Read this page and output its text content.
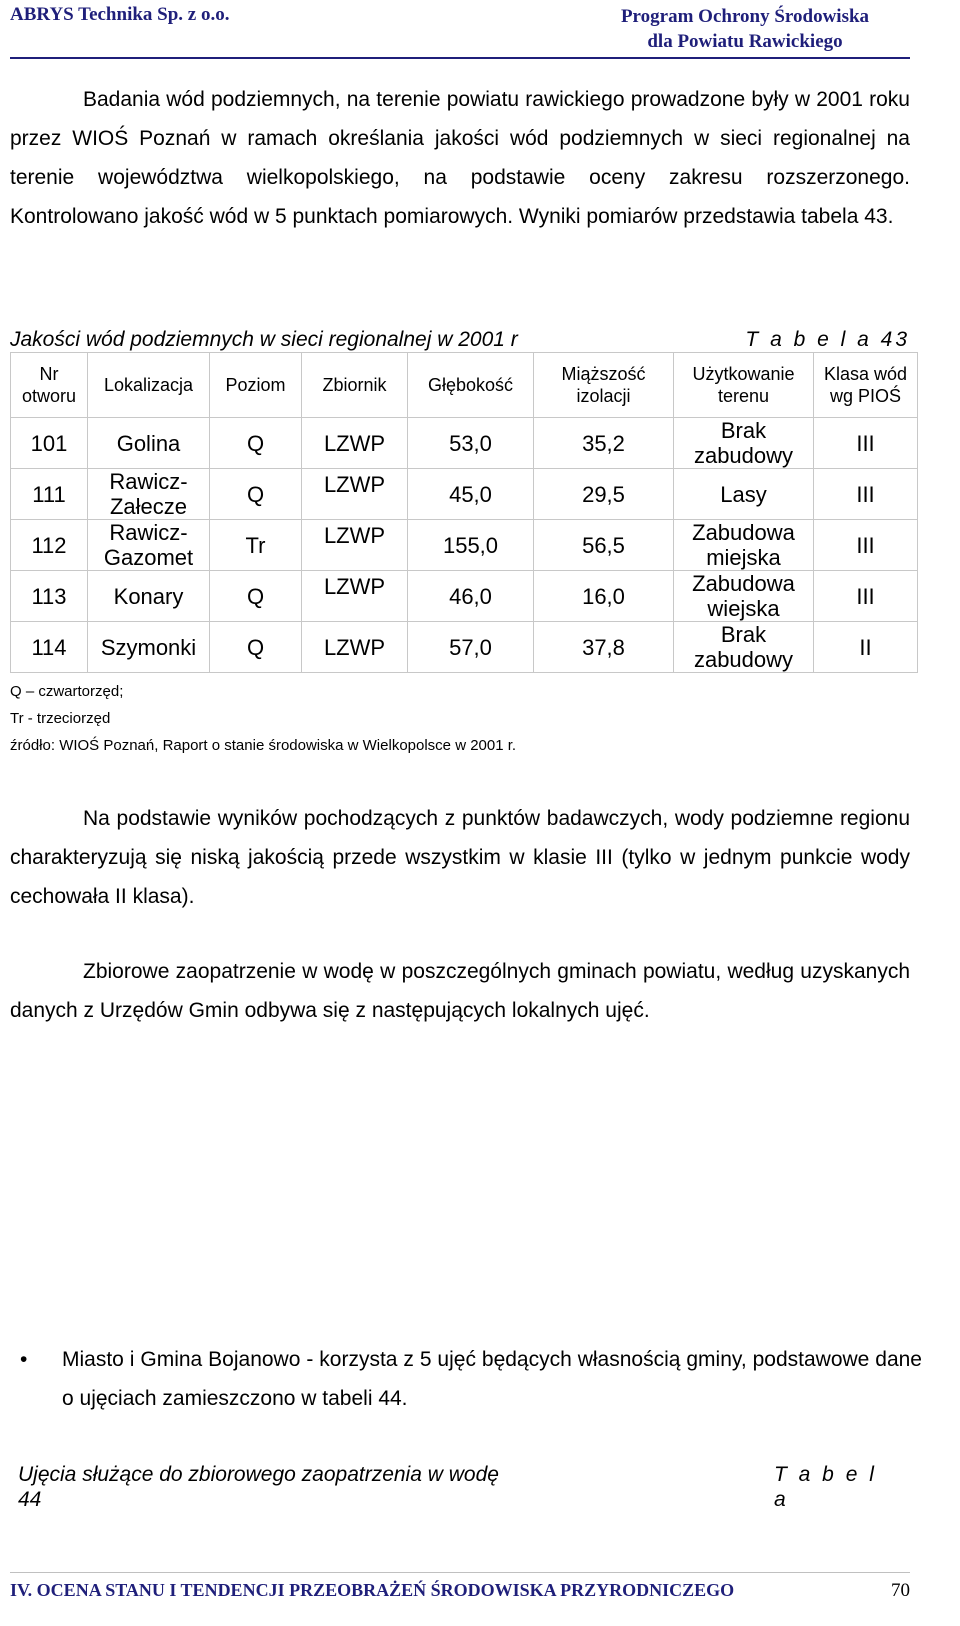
ABRYS Technika Sp. z o.o.	Program Ochrony Środowiska
dla Powiatu Rawickiego

Badania wód podziemnych, na terenie powiatu rawickiego prowadzone były w 2001 roku przez WIOŚ Poznań w ramach określania jakości wód podziemnych w sieci regionalnej na terenie województwa wielkopolskiego, na podstawie oceny zakresu rozszerzonego. Kontrolowano jakość wód w 5 punktach pomiarowych. Wyniki pomiarów przedstawia tabela 43.

Jakości wód podziemnych w sieci regionalnej w 2001 r	T a b e l a 43
Nr otworu	Lokalizacja	Poziom	Zbiornik	Głębokość	Miąższość izolacji	Użytkowanie terenu	Klasa wód wg PIOŚ
101	Golina	Q	LZWP	53,0	35,2	Brak zabudowy	III
111	Rawicz-Załecze	Q	LZWP	45,0	29,5	Lasy	III
112	Rawicz-Gazomet	Tr	LZWP	155,0	56,5	Zabudowa miejska	III
113	Konary	Q	LZWP	46,0	16,0	Zabudowa wiejska	III
114	Szymonki	Q	LZWP	57,0	37,8	Brak zabudowy	II
Q – czwartorzęd;
Tr - trzeciorzęd
źródło: WIOŚ Poznań, Raport o stanie środowiska w Wielkopolsce w 2001 r.

Na podstawie wyników pochodzących z punktów badawczych, wody podziemne regionu charakteryzują się niską jakością przede wszystkim w klasie III (tylko w jednym punkcie wody cechowała II klasa).

Zbiorowe zaopatrzenie w wodę w poszczególnych gminach powiatu, według uzyskanych danych z Urzędów Gmin odbywa się z następujących lokalnych ujęć.

• Miasto i Gmina Bojanowo - korzysta z 5 ujęć będących własnością gminy, podstawowe dane o ujęciach zamieszczono w tabeli 44.

Ujęcia służące do zbiorowego zaopatrzenia w wodę	T a b e l a
44
IV. OCENA STANU I TENDENCJI PRZEOBRAŻEŃ ŚRODOWISKA PRZYRODNICZEGO	70
